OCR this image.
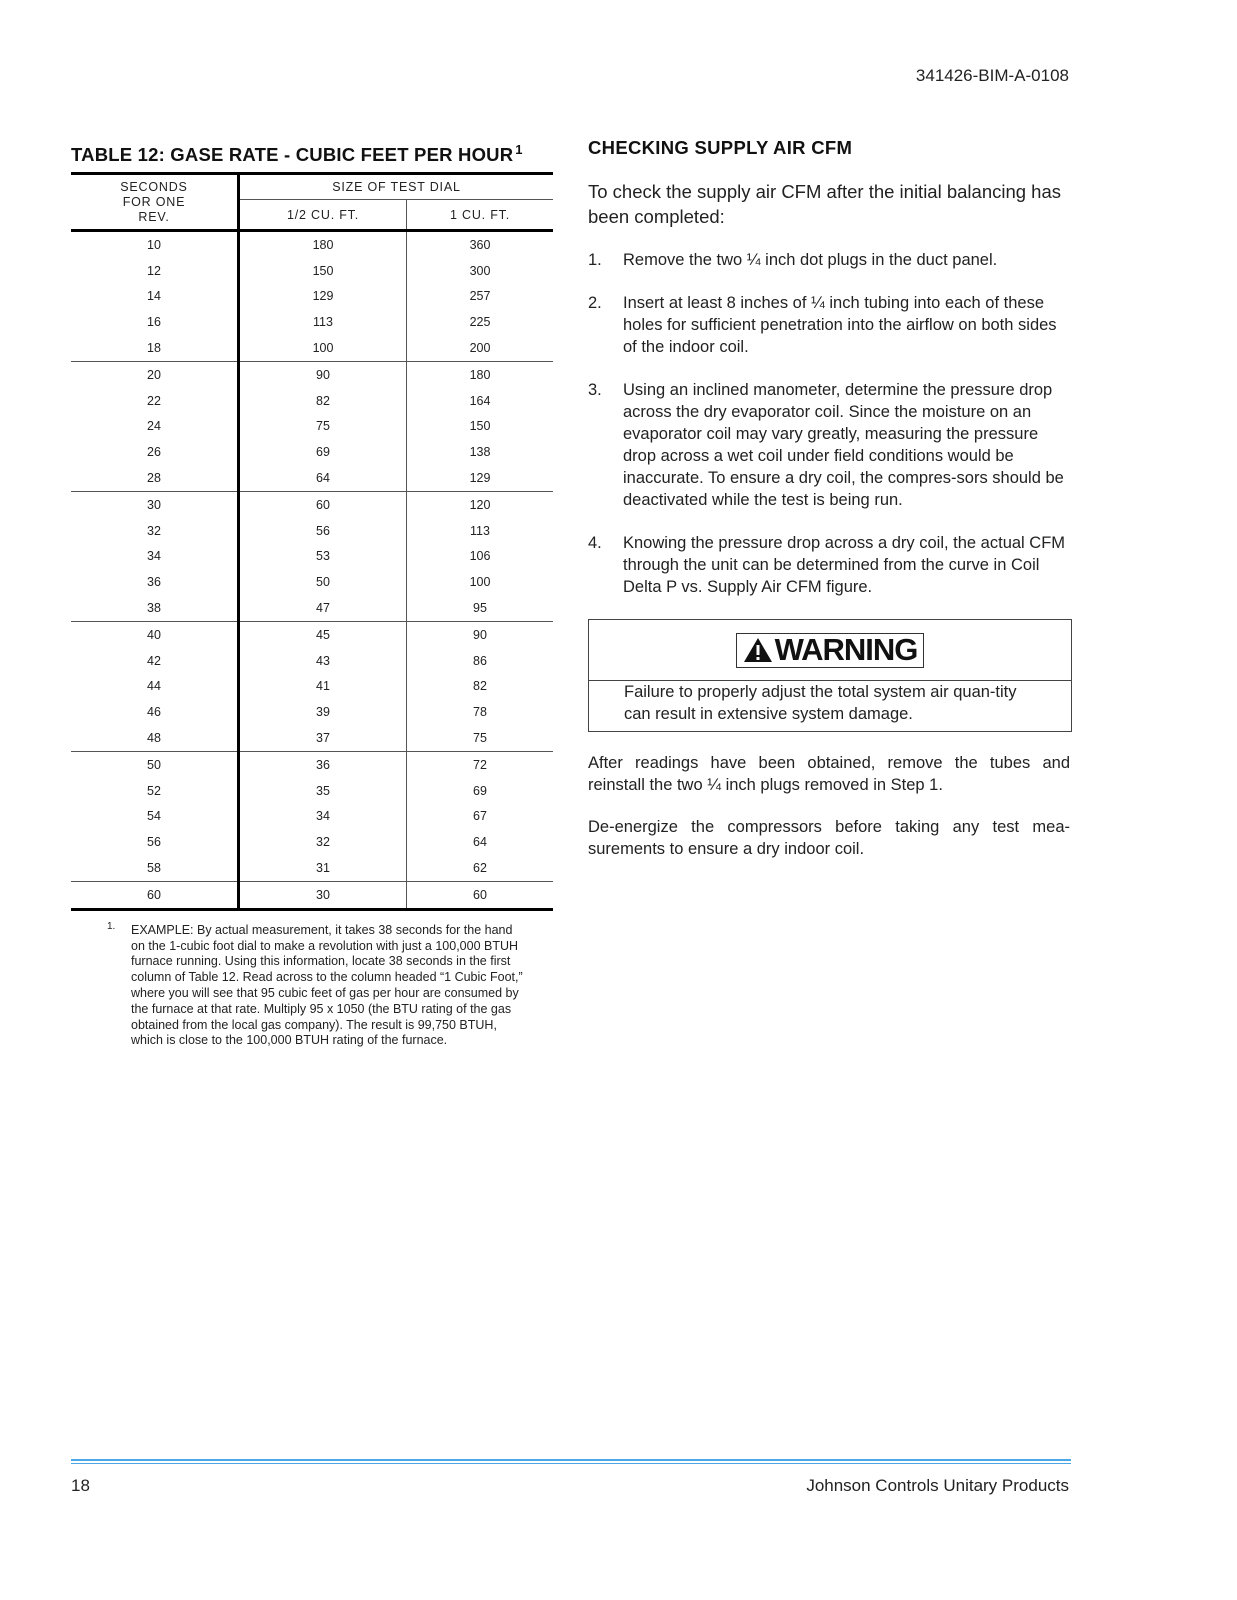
341426-BIM-A-0108
TABLE 12: GASE RATE - CUBIC FEET PER HOUR $^1$
SECONDS
FOR ONE
REV.	SIZE OF TEST DIAL	
	1/2 CU. FT.	1 CU. FT.
10	180	360
12	150	300
14	129	257
16	113	225
18	100	200
20	90	180
22	82	164
24	75	150
26	69	138
28	64	129
30	60	120
32	56	113
34	53	106
36	50	100
38	47	95
40	45	90
42	43	86
44	41	82
46	39	78
48	37	75
50	36	72
52	35	69
54	34	67
56	32	64
58	31	62
60	30	60
1. EXAMPLE: By actual measurement, it takes 38 seconds for the hand on the 1-cubic foot dial to make a revolution with just a 100,000 BTUH furnace running. Using this information, locate 38 seconds in the first column of Table 12. Read across to the column headed “1 Cubic Foot,” where you will see that 95 cubic feet of gas per hour are consumed by the furnace at that rate. Multiply 95 x 1050 (the BTU rating of the gas obtained from the local gas company). The result is 99,750 BTUH, which is close to the 100,000 BTUH rating of the furnace.
CHECKING SUPPLY AIR CFM

To check the supply air CFM after the initial balancing has been completed:

1. Remove the two ¼ inch dot plugs in the duct panel.
2. Insert at least 8 inches of ¼ inch tubing into each of these holes for sufficient penetration into the airflow on both sides of the indoor coil.
3. Using an inclined manometer, determine the pressure drop across the dry evaporator coil. Since the moisture on an evaporator coil may vary greatly, measuring the pressure drop across a wet coil under field conditions would be inaccurate. To ensure a dry coil, the compres-sors should be deactivated while the test is being run.
4. Knowing the pressure drop across a dry coil, the actual CFM through the unit can be determined from the curve in Coil Delta P vs. Supply Air CFM figure.
WARNING
Failure to properly adjust the total system air quan-tity can result in extensive system damage.

After readings have been obtained, remove the tubes and reinstall the two ¼ inch plugs removed in Step 1.

De-energize the compressors before taking any test mea-surements to ensure a dry indoor coil.

18	Johnson Controls Unitary Products
